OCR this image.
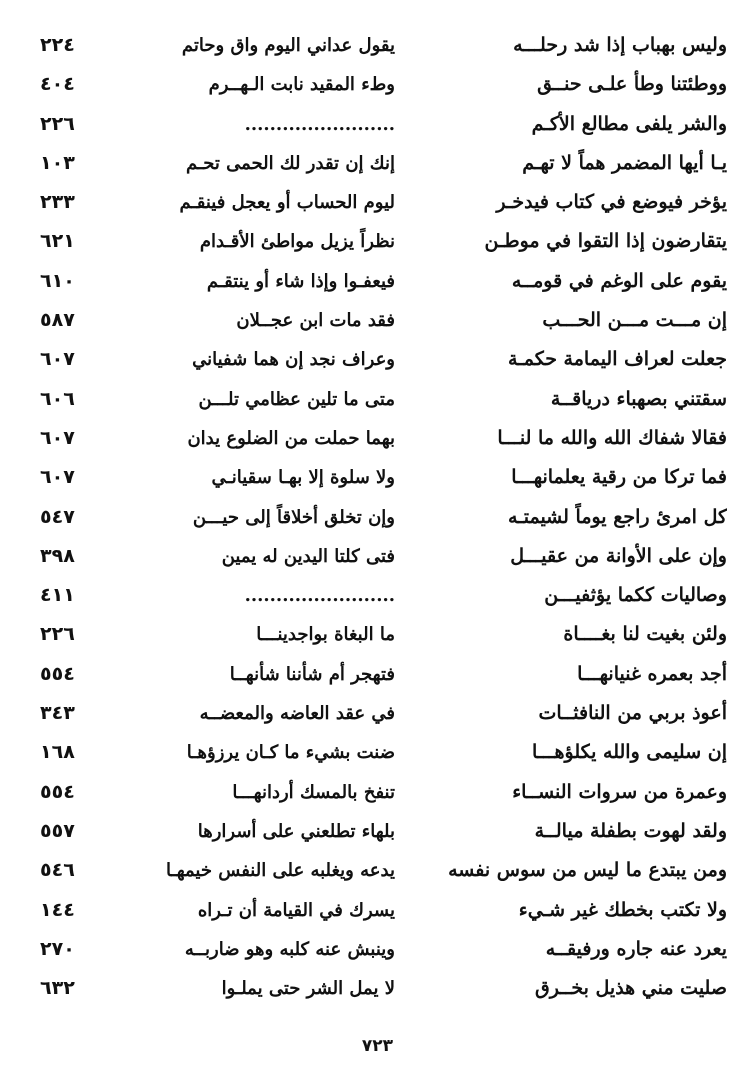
وليس بهباب إذا شد رحلـــه
يقول عداني اليوم واق وحاتم
٢٢٤
ووطئتنا وطأ علـى حنــق
وطء المقيد نابت الـهــرم
٤٠٤
والشر يلفى مطالع الأكـم
........................
٢٢٦
يـا أيها المضمر هماً لا تهـم
إنك إن تقدر لك الحمى تحـم
١٠٣
يؤخر فيوضع في كتاب فيدخـر
ليوم الحساب أو يعجل فينقـم
٢٣٣
يتقارضون إذا التقوا في موطـن
نظراً يزيل مواطئ الأقـدام
٦٢١
يقوم على الوغم في قومــه
فيعفـوا وإذا شاء أو ينتقـم
٦١٠
إن مـــت مـــن الحـــب
فقد مات ابن عجــلان
٥٨٧
جعلت لعراف اليمامة حكمـة
وعراف نجد إن هما شفياني
٦٠٧
سقتني بصهباء درياقــة
متى ما تلين عظامي تلـــن
٦٠٦
فقالا شفاك الله والله ما لنـــا
بهما حملت من الضلوع يدان
٦٠٧
فما تركا من رقية يعلمانهـــا
ولا سلوة إلا بهـا سقيانـي
٦٠٧
كل امرئ راجع يوماً لشيمتـه
وإن تخلق أخلاقاً إلى حيـــن
٥٤٧
وإن على الأوانة من عقيـــل
فتى كلتا اليدين له يمين
٣٩٨
وصاليات ككما يؤثفيـــن
........................
٤١١
ولئن بغيت لنا بغــــاة
ما البغاة بواجدينـــا
٢٢٦
أجد بعمره غنيانهـــا
فتهجر أم شأننا شأنهــا
٥٥٤
أعوذ بربي من النافثــات
في عقد العاضه والمعضــه
٣٤٣
إن سليمى والله يكلؤهـــا
ضنت بشيء ما كـان يرزؤهـا
١٦٨
وعمرة من سروات النســاء
تنفخ بالمسك أردانهـــا
٥٥٤
ولقد لهوت بطفلة ميالــة
بلهاء تطلعني على أسرارها
٥٥٧
ومن يبتدع ما ليس من سوس نفسه
يدعه ويغلبه على النفس خيمهـا
٥٤٦
ولا تكتب بخطك غير شـيء
يسرك في القيامة أن تـراه
١٤٤
يعرد عنه جاره ورفيقــه
وينبش عنه كلبه وهو ضاربــه
٢٧٠
صليت مني هذيل بخــرق
لا يمل الشر حتى يملـوا
٦٣٢
٧٢٣
